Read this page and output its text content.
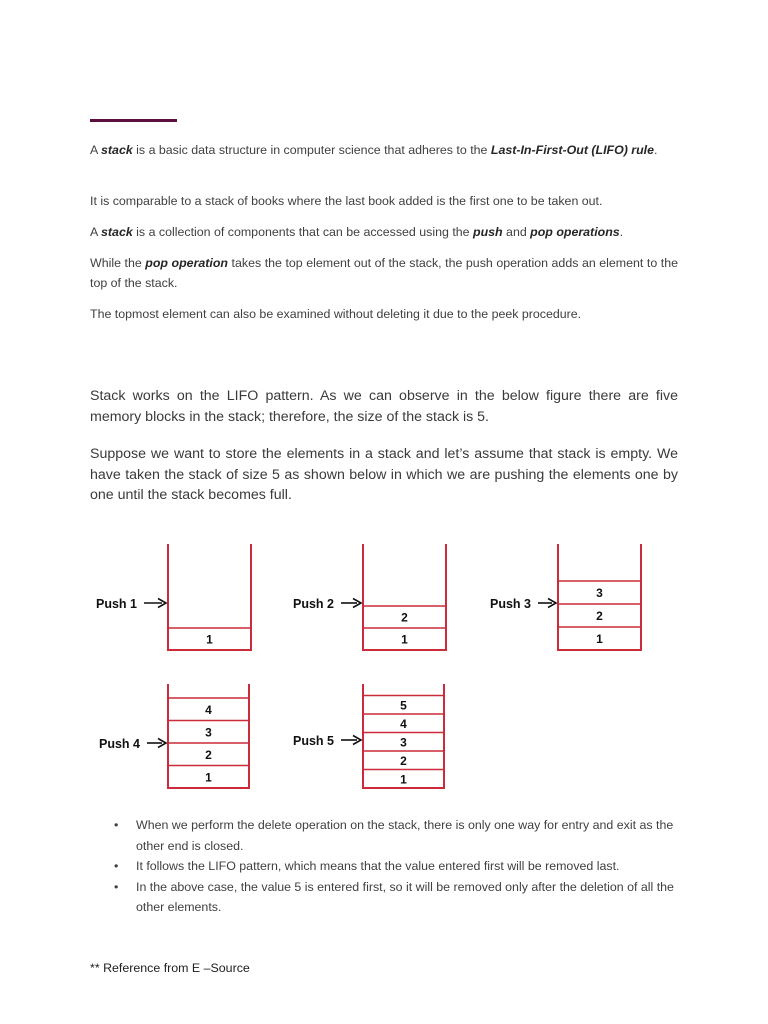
A stack is a basic data structure in computer science that adheres to the Last-In-First-Out (LIFO) rule.

It is comparable to a stack of books where the last book added is the first one to be taken out.

A stack is a collection of components that can be accessed using the push and pop operations.

While the pop operation takes the top element out of the stack, the push operation adds an element to the top of the stack.

The topmost element can also be examined without deleting it due to the peek procedure.

Stack works on the LIFO pattern. As we can observe in the below figure there are five memory blocks in the stack; therefore, the size of the stack is 5.

Suppose we want to store the elements in a stack and let’s assume that stack is empty. We have taken the stack of size 5 as shown below in which we are pushing the elements one by one until the stack becomes full.

1
Push 1
1
2
Push 2
1
2
3
Push 3
1
2
3
4
Push 4
1
2
3
4
5
Push 5
• When we perform the delete operation on the stack, there is only one way for entry and exit as the other end is closed.
• It follows the LIFO pattern, which means that the value entered first will be removed last.
• In the above case, the value 5 is entered first, so it will be removed only after the deletion of all the other elements.
** Reference from E –Source
